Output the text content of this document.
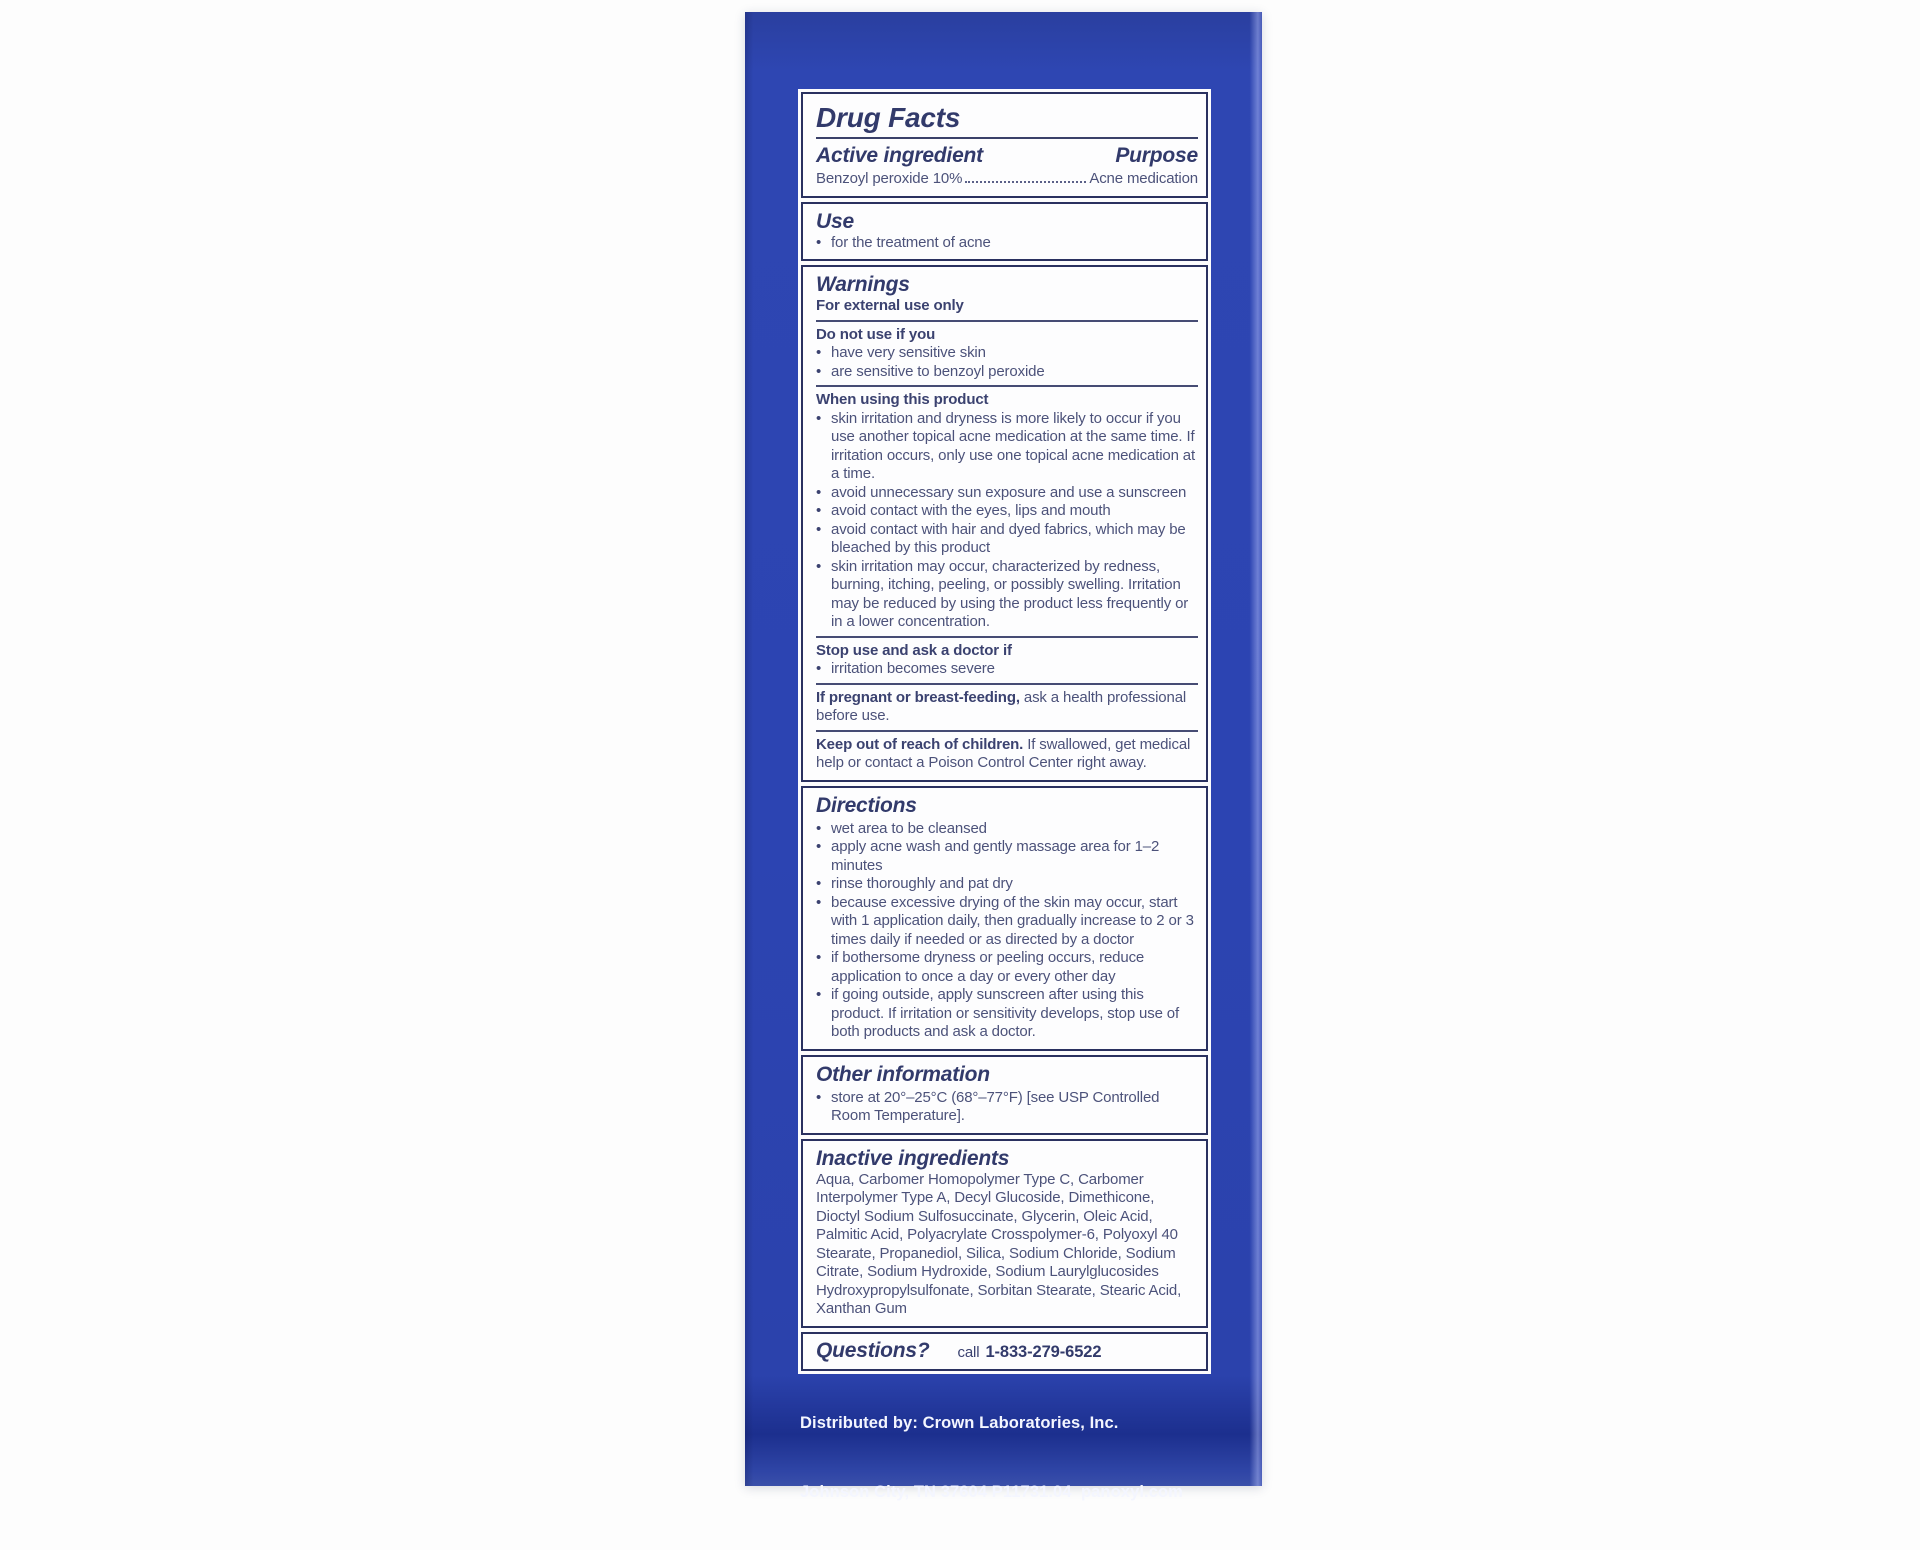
Drug Facts
Active ingredient	Purpose
Benzoyl peroxide 10%	Acne medication
Use
• for the treatment of acne
Warnings
For external use only
Do not use if you
• have very sensitive skin
• are sensitive to benzoyl peroxide
When using this product
• skin irritation and dryness is more likely to occur if you use another topical acne medication at the same time. If irritation occurs, only use one topical acne medication at a time.
• avoid unnecessary sun exposure and use a sunscreen
• avoid contact with the eyes, lips and mouth
• avoid contact with hair and dyed fabrics, which may be bleached by this product
• skin irritation may occur, characterized by redness, burning, itching, peeling, or possibly swelling. Irritation may be reduced by using the product less frequently or in a lower concentration.
Stop use and ask a doctor if
• irritation becomes severe

If pregnant or breast-feeding, ask a health professional before use.

Keep out of reach of children. If swallowed, get medical help or contact a Poison Control Center right away.

Directions
• wet area to be cleansed
• apply acne wash and gently massage area for 1–2 minutes
• rinse thoroughly and pat dry
• because excessive drying of the skin may occur, start with 1 application daily, then gradually increase to 2 or 3 times daily if needed or as directed by a doctor
• if bothersome dryness or peeling occurs, reduce application to once a day or every other day
• if going outside, apply sunscreen after using this product. If irritation or sensitivity develops, stop use of both products and ask a doctor.
Other information
• store at 20°–25°C (68°–77°F) [see USP Controlled Room Temperature].
Inactive ingredients

Aqua, Carbomer Homopolymer Type C, Carbomer Interpolymer Type A, Decyl Glucoside, Dimethicone, Dioctyl Sodium Sulfosuccinate, Glycerin, Oleic Acid, Palmitic Acid, Polyacrylate Crosspolymer-6, Polyoxyl 40 Stearate, Propanediol, Silica, Sodium Chloride, Sodium Citrate, Sodium Hydroxide, Sodium Laurylglucosides Hydroxypropylsulfonate, Sorbitan Stearate, Stearic Acid, Xanthan Gum

Questions? call 1-833-279-6522

Distributed by: Crown Laboratories, Inc.

Johnson City, TN 37604 P11731.04  panoxyl.com
